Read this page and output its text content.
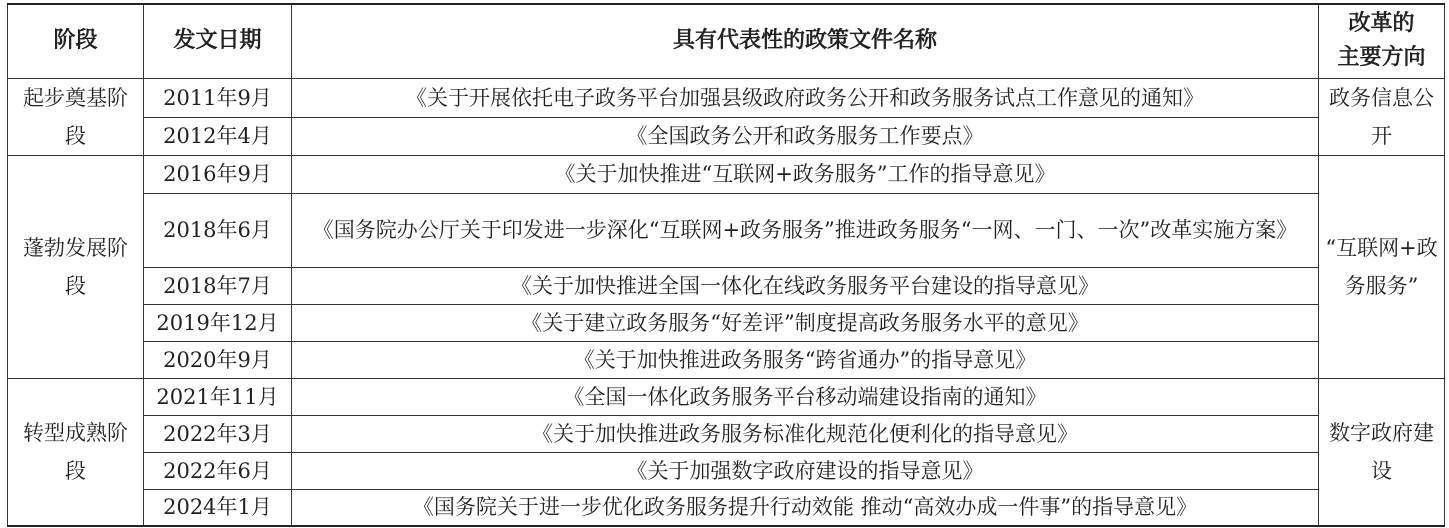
阶段	发文日期	具有代表性的政策文件名称	改革的
主要方向
起步奠基阶段	2011年9月	《关于开展依托电子政务平台加强县级政府政务公开和政务服务试点工作意见的通知》	政务信息公开
	2012年4月	《全国政务公开和政务服务工作要点》	
蓬勃发展阶段	2016年9月	《关于加快推进“互联网+政务服务”工作的指导意见》	“互联网+政务服务”
	2018年6月	《国务院办公厅关于印发进一步深化“互联网+政务服务”推进政务服务“一网、一门、一次”改革实施方案》	
	2018年7月	《关于加快推进全国一体化在线政务服务平台建设的指导意见》	
	2019年12月	《关于建立政务服务“好差评”制度提高政务服务水平的意见》	
	2020年9月	《关于加快推进政务服务“跨省通办”的指导意见》	
转型成熟阶段	2021年11月	《全国一体化政务服务平台移动端建设指南的通知》	数字政府建设
	2022年3月	《关于加快推进政务服务标准化规范化便利化的指导意见》	
	2022年6月	《关于加强数字政府建设的指导意见》	
	2024年1月	《国务院关于进一步优化政务服务提升行动效能 推动“高效办成一件事”的指导意见》	
